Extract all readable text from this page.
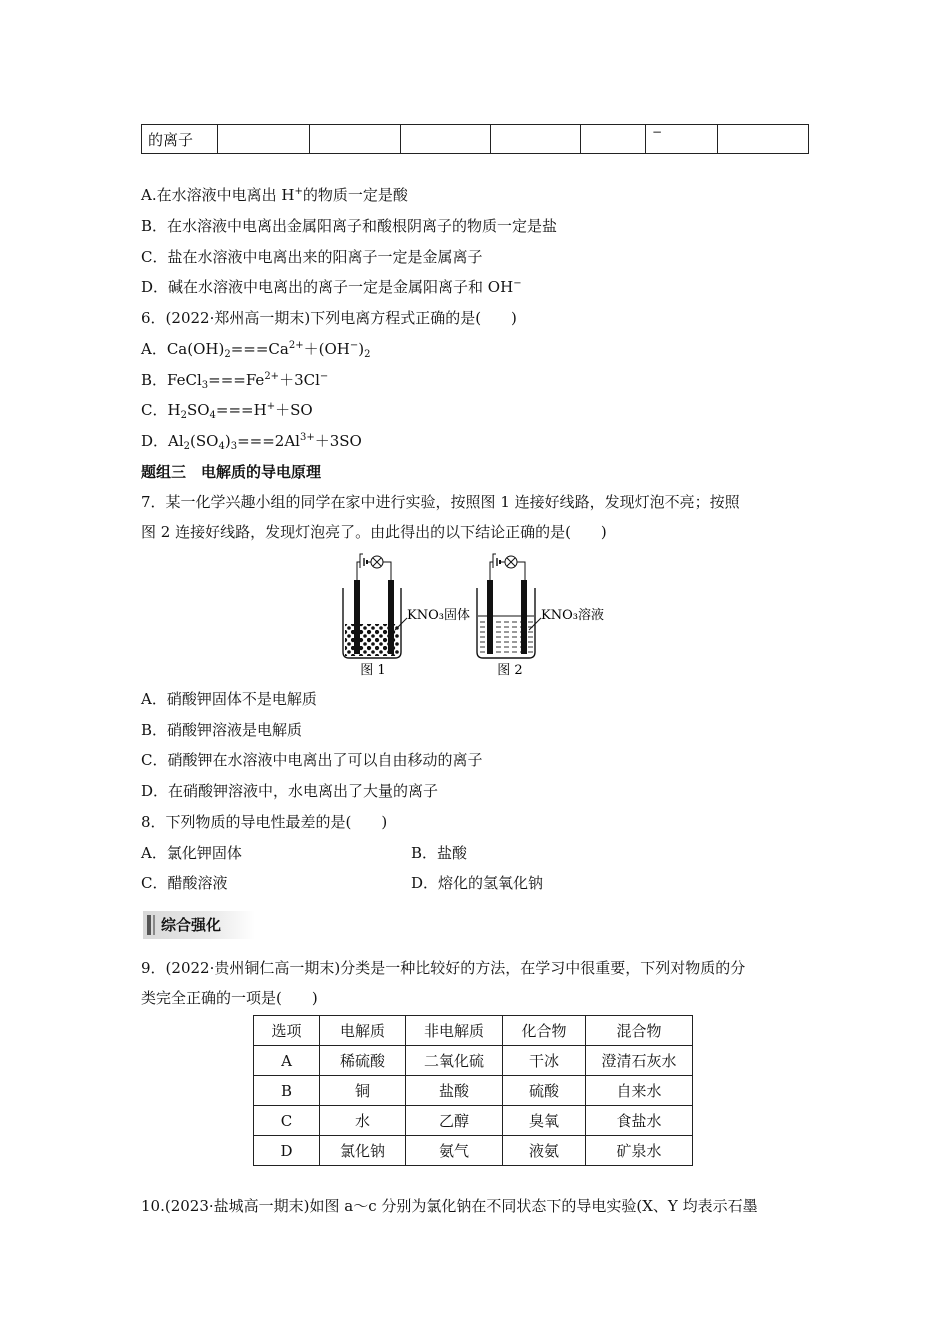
的离子						−	
A.在水溶液中电离出 H+的物质一定是酸
B．在水溶液中电离出金属阳离子和酸根阴离子的物质一定是盐
C．盐在水溶液中电离出来的阳离子一定是金属离子
D．碱在水溶液中电离出的离子一定是金属阳离子和 OH−
6．(2022·郑州高一期末)下列电离方程式正确的是(　　)
A．$Ca(OH)_2===Ca^{2+}+(OH^-)_2$
B．$FeCl_3===Fe^{2+}+3Cl^-$
C．$H_2SO_4===H^++SO$
D．$Al_2(SO_4)_3===2Al^{3+}+3SO$
题组三　电解质的导电原理
7．某一化学兴趣小组的同学在家中进行实验，按照图 1 连接好线路，发现灯泡不亮；按照
图 2 连接好线路，发现灯泡亮了。由此得出的以下结论正确的是(　　)
KNO₃固体
图 1
KNO₃溶液
图 2
A．硝酸钾固体不是电解质
B．硝酸钾溶液是电解质
C．硝酸钾在水溶液中电离出了可以自由移动的离子
D．在硝酸钾溶液中，水电离出了大量的离子
8．下列物质的导电性最差的是(　　)
A．氯化钾固体	B．盐酸
C．醋酸溶液	D．熔化的氢氧化钠
综合强化
9．(2022·贵州铜仁高一期末)分类是一种比较好的方法，在学习中很重要，下列对物质的分
类完全正确的一项是(　　)
选项	电解质	非电解质	化合物	混合物
A	稀硫酸	二氧化硫	干冰	澄清石灰水
B	铜	盐酸	硫酸	自来水
C	水	乙醇	臭氧	食盐水
D	氯化钠	氨气	液氨	矿泉水
10.(2023·盐城高一期末)如图 a～c 分别为氯化钠在不同状态下的导电实验(X、Y 均表示石墨
